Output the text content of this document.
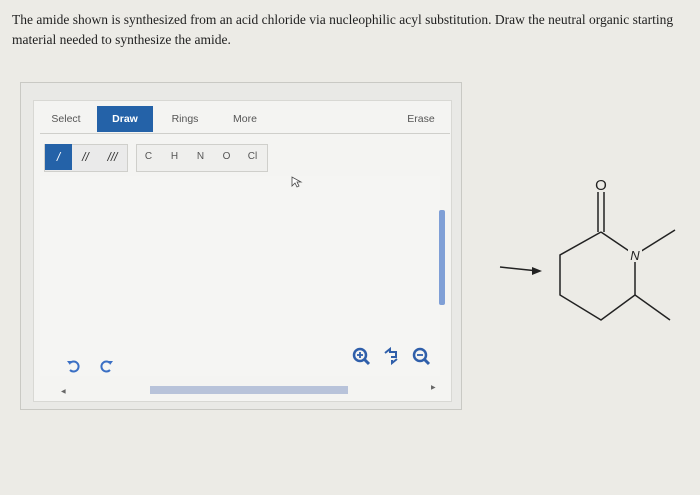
The amide shown is synthesized from an acid chloride via nucleophilic acyl substitution. Draw the neutral organic starting material needed to synthesize the amide.
Select	Draw	Rings	More	Erase
/	//	///	C	H	N	O	Cl
◀
▶
O
N
